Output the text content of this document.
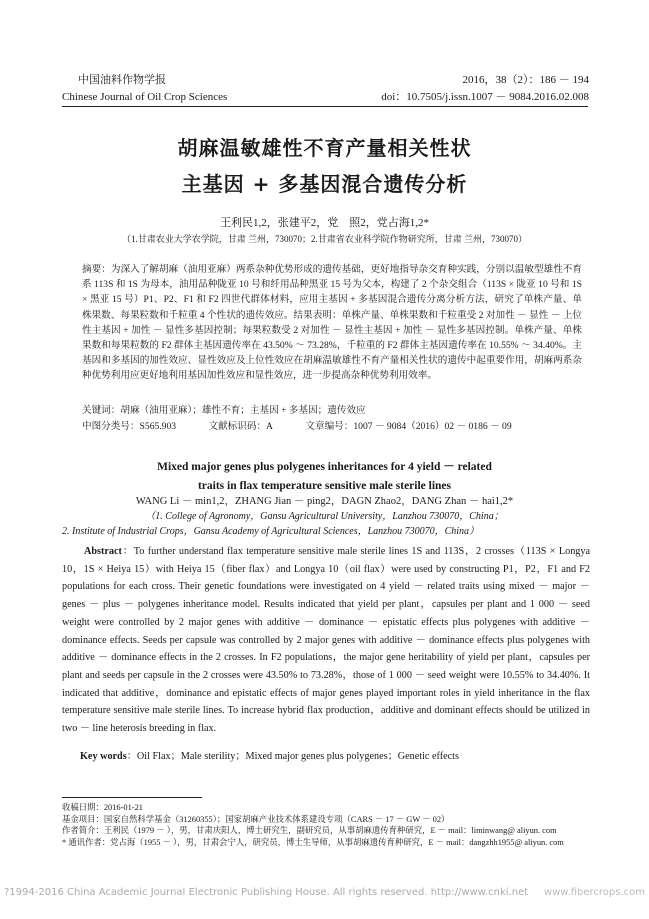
中国油料作物学报
Chinese Journal of Oil Crop Sciences
2016，38（2）：186 － 194
doi：10.7505/j.issn.1007 － 9084.2016.02.008
胡麻温敏雄性不育产量相关性状
主基因 + 多基因混合遗传分析
王利民1,2，张建平2，党　照2，党占海1,2*
（1.甘肃农业大学农学院，甘肃 兰州，730070；2.甘肃省农业科学院作物研究所，甘肃 兰州，730070）
摘要：为深入了解胡麻（油用亚麻）两系杂种优势形成的遗传基础，更好地指导杂交育种实践，分别以温敏型雄性不育系 113S 和 1S 为母本，油用品种陇亚 10 号和纤用品种黑亚 15 号为父本，构建了 2 个杂交组合（113S × 陇亚 10 号和 1S × 黑亚 15 号）P1、P2、F1 和 F2 四世代群体材料，应用主基因 + 多基因混合遗传分离分析方法，研究了单株产量、单株果数、每果粒数和千粒重 4 个性状的遗传效应。结果表明：单株产量、单株果数和千粒重受 2 对加性 － 显性 － 上位性主基因 + 加性 － 显性多基因控制；每果粒数受 2 对加性 － 显性主基因 + 加性 － 显性多基因控制。单株产量、单株果数和每果粒数的 F2 群体主基因遗传率在 43.50% ～ 73.28%，千粒重的 F2 群体主基因遗传率在 10.55% ～ 34.40%。主基因和多基因的加性效应、显性效应及上位性效应在胡麻温敏雄性不育产量相关性状的遗传中起重要作用，胡麻两系杂种优势利用应更好地利用基因加性效应和显性效应，进一步提高杂种优势利用效率。
关键词：胡麻（油用亚麻）；雄性不育；主基因 + 多基因；遗传效应
中图分类号：S565.903	文献标识码：A	文章编号：1007 － 9084（2016）02 － 0186 － 09
Mixed major genes plus polygenes inheritances for 4 yield － related
traits in flax temperature sensitive male sterile lines
WANG Li － min1,2，ZHANG Jian － ping2，DAGN Zhao2，DANG Zhan － hai1,2*
（1. College of Agronomy，Gansu Agricultural University，Lanzhou 730070，China；
2. Institute of Industrial Crops，Gansu Academy of Agricultural Sciences，Lanzhou 730070，China）
Abstract：To further understand flax temperature sensitive male sterile lines 1S and 113S，2 crosses（113S × Longya 10，1S × Heiya 15）with Heiya 15（fiber flax）and Longya 10（oil flax）were used by constructing P1，P2，F1 and F2 populations for each cross. Their genetic foundations were investigated on 4 yield － related traits using mixed － major － genes － plus － polygenes inheritance model. Results indicated that yield per plant，capsules per plant and 1 000 － seed weight were controlled by 2 major genes with additive － dominance － epistatic effects plus polygenes with additive － dominance effects. Seeds per capsule was controlled by 2 major genes with additive － dominance effects plus polygenes with additive － dominance effects in the 2 crosses. In F2 populations，the major gene heritability of yield per plant，capsules per plant and seeds per capsule in the 2 crosses were 43.50% to 73.28%，those of 1 000 － seed weight were 10.55% to 34.40%. It indicated that additive，dominance and epistatic effects of major genes played important roles in yield inheritance in the flax temperature sensitive male sterile lines. To increase hybrid flax production，additive and dominant effects should be utilized in two － line heterosis breeding in flax.
Key words：Oil Flax；Male sterility；Mixed major genes plus polygenes；Genetic effects
收稿日期：2016-01-21
基金项目：国家自然科学基金（31260355）；国家胡麻产业技术体系建设专项（CARS － 17 － GW － 02）
作者简介：王利民（1979 － ），男，甘肃庆阳人，博士研究生，副研究员，从事胡麻遗传育种研究，E － mail：liminwang@ aliyun. com
* 通讯作者：党占海（1955 － ），男，甘肃会宁人，研究员，博士生导师，从事胡麻遗传育种研究，E － mail：dangzhh1955@ aliyun. com
?1994-2016 China Academic Journal Electronic Publishing House. All rights reserved. http://www.cnki.net www.fibercrops.com
